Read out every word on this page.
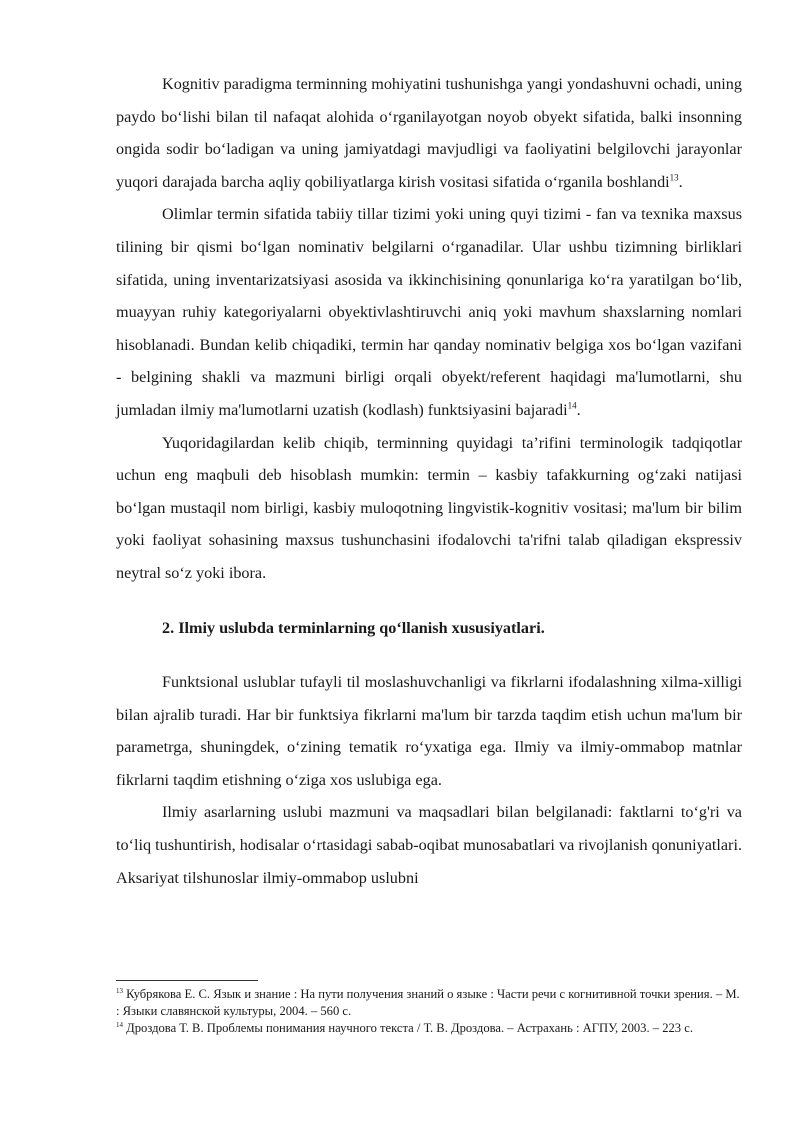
Kognitiv paradigma terminning mohiyatini tushunishga yangi yondashuvni ochadi, uning paydo bo‘lishi bilan til nafaqat alohida o‘rganilayotgan noyob obyekt sifatida, balki insonning ongida sodir bo‘ladigan va uning jamiyatdagi mavjudligi va faoliyatini belgilovchi jarayonlar yuqori darajada barcha aqliy qobiliyatlarga kirish vositasi sifatida o‘rganila boshlandi$^{13}$.

Olimlar termin sifatida tabiiy tillar tizimi yoki uning quyi tizimi - fan va texnika maxsus tilining bir qismi bo‘lgan nominativ belgilarni o‘rganadilar. Ular ushbu tizimning birliklari sifatida, uning inventarizatsiyasi asosida va ikkinchisining qonunlariga ko‘ra yaratilgan bo‘lib, muayyan ruhiy kategoriyalarni obyektivlashtiruvchi aniq yoki mavhum shaxslarning nomlari hisoblanadi. Bundan kelib chiqadiki, termin har qanday nominativ belgiga xos bo‘lgan vazifani - belgining shakli va mazmuni birligi orqali obyekt/referent haqidagi ma'lumotlarni, shu jumladan ilmiy ma'lumotlarni uzatish (kodlash) funktsiyasini bajaradi$^{14}$.

Yuqoridagilardan kelib chiqib, terminning quyidagi ta’rifini terminologik tadqiqotlar uchun eng maqbuli deb hisoblash mumkin: termin – kasbiy tafakkurning og‘zaki natijasi bo‘lgan mustaqil nom birligi, kasbiy muloqotning lingvistik-kognitiv vositasi; ma'lum bir bilim yoki faoliyat sohasining maxsus tushunchasini ifodalovchi ta'rifni talab qiladigan ekspressiv neytral so‘z yoki ibora.

2. Ilmiy uslubda terminlarning qo‘llanish xususiyatlari.

Funktsional uslublar tufayli til moslashuvchanligi va fikrlarni ifodalashning xilma-xilligi bilan ajralib turadi. Har bir funktsiya fikrlarni ma'lum bir tarzda taqdim etish uchun ma'lum bir parametrga, shuningdek, o‘zining tematik ro‘yxatiga ega. Ilmiy va ilmiy-ommabop matnlar fikrlarni taqdim etishning o‘ziga xos uslubiga ega.

Ilmiy asarlarning uslubi mazmuni va maqsadlari bilan belgilanadi: faktlarni to‘g'ri va to‘liq tushuntirish, hodisalar o‘rtasidagi sabab-oqibat munosabatlari va rivojlanish qonuniyatlari. Aksariyat tilshunoslar ilmiy-ommabop uslubni

$^{13}$ Кубрякова Е. С. Язык и знание : На пути получения знаний о языке : Части речи с когнитивной точки зрения. – М. : Языки славянской культуры, 2004. – 560 с.

$^{14}$ Дроздова Т. В. Проблемы понимания научного текста / Т. В. Дроздова. – Астрахань : АГПУ, 2003. – 223 с.
